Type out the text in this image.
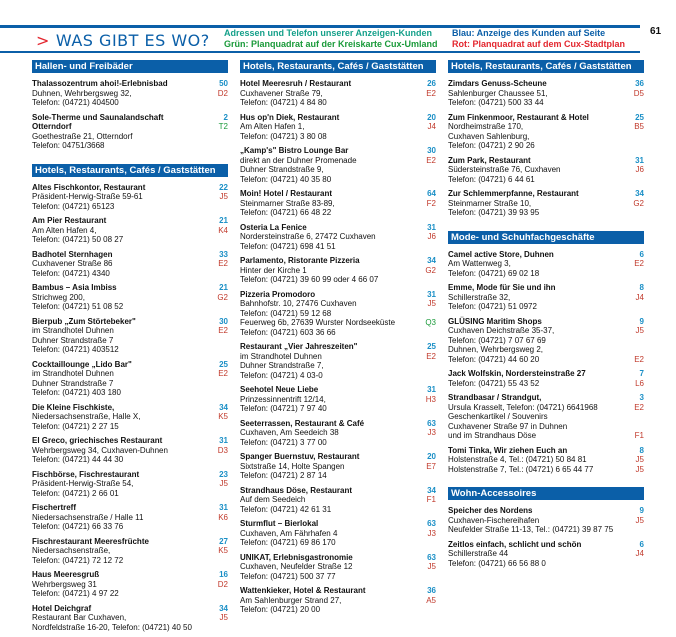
> WAS GIBT ES WO? Adressen und Telefon unserer Anzeigen-Kunden
Grün: Planquadrat auf der Kreiskarte Cux-Umland
Blau: Anzeige des Kunden auf Seite
Rot: Planquadrat auf dem Cux-Stadtplan
61
Hallen- und Freibäder
Thalassozentrum ahoi!-Erlebnisbad
Duhnen, Wehrbergsweg 32,
Telefon: (04721) 404500
50
D2
Sole-Therme und Saunalandschaft Otterndorf
Goethestraße 21, Otterndorf
Telefon: 04751/3668
2
T2
Hotels, Restaurants, Cafés / Gaststätten
Altes Fischkontor, Restaurant
Präsident-Herwig-Straße 59-61
Telefon: (04721) 65123
22
J5
Am Pier Restaurant
Am Alten Hafen 4,
Telefon: (04721) 50 08 27
21
K4
Badhotel Sternhagen
Cuxhavener Straße 86
Telefon: (04721) 4340
33
E2
Bambus – Asia Imbiss
Strichweg 200,
Telefon: (04721) 51 08 52
21
G2
Bierpub „Zum Störtebeker"
im Strandhotel Duhnen
Duhner Strandstraße 7
Telefon: (04721) 403512
30
E2
Cocktaillounge „Lido Bar"
im Strandhotel Duhnen
Duhner Strandstraße 7
Telefon: (04721) 403 180
25
E2
Die Kleine Fischkiste,
Niedersachsenstraße, Halle X,
Telefon: (04721) 2 27 15
34
K5
El Greco, griechisches Restaurant
Wehrbergsweg 34, Cuxhaven-Duhnen
Telefon: (04721) 44 44 30
31
D3
Fischbörse, Fischrestaurant
Präsident-Herwig-Straße 54,
Telefon: (04721) 2 66 01
23
J5
Fischertreff
Niedersachsenstraße / Halle 11
Telefon: (04721) 66 33 76
31
K6
Fischrestaurant Meeresfrüchte
Niedersachsenstraße,
Telefon: (04721) 72 12 72
27
K5
Haus Meeresgruß
Wehrbergsweg 31
Telefon: (04721) 4 97 22
16
D2
Hotel Deichgraf
Restaurant Bar Cuxhaven,
Nordfeldstraße 16-20, Telefon: (04721) 40 50
34
J5
Hotels, Restaurants, Cafés / Gaststätten
Hotel Meeresruh / Restaurant
Cuxhavener Straße 79,
Telefon: (04721) 4 84 80
26
E2
Hus op'n Diek, Restaurant
Am Alten Hafen 1,
Telefon: (04721) 3 80 08
20
J4
„Kamp's" Bistro Lounge Bar
direkt an der Duhner Promenade
Duhner Strandstraße 9,
Telefon: (04721) 40 35 80
30
E2
Moin! Hotel / Restaurant
Steinmarner Straße 83-89,
Telefon: (04721) 66 48 22
64
F2
Osteria La Fenice
Nordersteinstraße 6, 27472 Cuxhaven
Telefon: (04721) 698 41 51
31
J6
Parlamento, Ristorante Pizzeria
Hinter der Kirche 1
Telefon: (04721) 39 60 99 oder 4 66 07
34
G2
Pizzeria Promodoro
Bahnhofstr. 10, 27476 Cuxhaven
Telefon: (04721) 59 12 68
Feuerweg 6b, 27639 Wurster Nordseeküste
Telefon: (04721) 603 36 66
31
J5
Q3
Restaurant „Vier Jahreszeiten"
im Strandhotel Duhnen
Duhner Strandstraße 7,
Telefon: (04721) 4 03-0
25
E2
Seehotel Neue Liebe
Prinzessinnentrift 12/14,
Telefon: (04721) 7 97 40
31
H3
Seeterrassen, Restaurant & Café
Cuxhaven, Am Seedeich 38
Telefon: (04721) 3 77 00
63
J3
Spanger Buernstuv, Restaurant
Sixtstraße 14, Holte Spangen
Telefon: (04721) 2 87 14
20
E7
Strandhaus Döse, Restaurant
Auf dem Seedeich
Telefon: (04721) 42 61 31
34
F1
Sturmflut – Bierlokal
Cuxhaven, Am Fährhafen 4
Telefon: (04721) 69 86 170
63
J3
UNIKAT, Erlebnisgastronomie
Cuxhaven, Neufelder Straße 12
Telefon: (04721) 500 37 77
63
J5
Wattenkieker, Hotel & Restaurant
Am Sahlenburger Strand 27,
Telefon: (04721) 20 00
36
A5
Hotels, Restaurants, Cafés / Gaststätten
Zimdars Genuss-Scheune
Sahlenburger Chaussee 51,
Telefon: (04721) 500 33 44
36
D5
Zum Finkenmoor, Restaurant & Hotel
Nordheimstraße 170,
Cuxhaven Sahlenburg,
Telefon: (04721) 2 90 26
25
B5
Zum Park, Restaurant
Südersteinstraße 76, Cuxhaven
Telefon: (04721) 6 44 61
31
J6
Zur Schlemmerpfanne, Restaurant
Steinmarner Straße 10,
Telefon: (04721) 39 93 95
34
G2
Mode- und Schuhfachgeschäfte
Camel active Store, Duhnen
Am Wattenweg 3,
Telefon: (04721) 69 02 18
6
E2
Emme, Mode für Sie und ihn
Schillerstraße 32,
Telefon: (04721) 51 0972
8
J4
GLÜSING Maritim Shops
Cuxhaven Deichstraße 35-37,
Telefon: (04721) 7 07 67 69
Duhnen, Wehrbergsweg 2,
Telefon: (04721) 44 60 20
9
J5
E2
Jack Wolfskin, Nordersteinstraße 27
Telefon: (04721) 55 43 52
7
L6
Strandbasar / Strandgut,
Ursula Krasselt, Telefon: (04721) 6641968
Geschenkartikel / Souvenirs
Cuxhavener Straße 97 in Duhnen
und im Strandhaus Döse
3
E2
F1
Tomi Tinka, Wir ziehen Euch an
Holstenstraße 4, Tel.: (04721) 50 84 81
Holstenstraße 7, Tel.: (04721) 6 65 44 77
8
J5
J5
Wohn-Accessoires
Speicher des Nordens
Cuxhaven-Fischereihafen
Neufelder Straße 11-13, Tel.: (04721) 39 87 75
9
J5
Zeitlos einfach, schlicht und schön
Schillerstraße 44
Telefon: (04721) 66 56 88 0
6
J4
